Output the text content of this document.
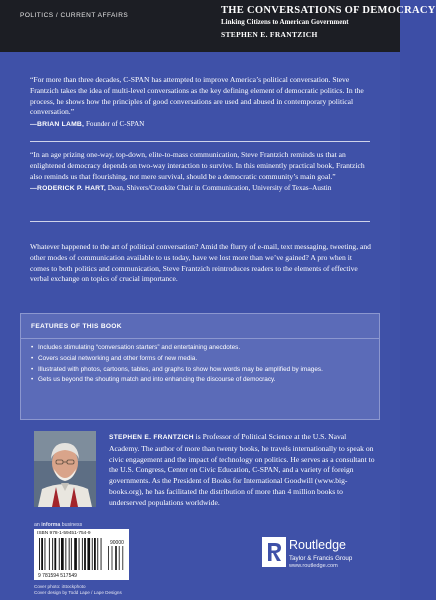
POLITICS / CURRENT AFFAIRS	THE CONVERSATIONS OF DEMOCRACY
Linking Citizens to American Government
STEPHEN E. FRANTZICH

“For more than three decades, C-SPAN has attempted to improve America’s political conversation. Steve Frantzich takes the idea of multi-level conversations as the key defining element of democratic politics. In the process, he shows how the principles of good conversations are used and abused in contemporary political conversation.”

—BRIAN LAMB, Founder of C-SPAN

“In an age prizing one-way, top-down, elite-to-mass communication, Steve Frantzich reminds us that an enlightened democracy depends on two-way interaction to survive. In this eminently practical book, Frantzich also reminds us that flourishing, not mere survival, should be a democratic community’s main goal.”

—RODERICK P. HART, Dean, Shivers/Cronkite Chair in Communication, University of Texas–Austin

Whatever happened to the art of political conversation? Amid the flurry of e-mail, text messaging, tweeting, and other modes of communication available to us today, have we lost more than we’ve gained? A pro when it comes to both politics and communication, Steve Frantzich reintroduces readers to the elements of effective verbal exchange on topics of crucial importance.

FEATURES OF THIS BOOK
• Includes stimulating “conversation starters” and entertaining anecdotes.
• Covers social networking and other forms of new media.
• Illustrated with photos, cartoons, tables, and graphs to show how words may be amplified by images.
• Gets us beyond the shouting match and into enhancing the discourse of democracy.

STEPHEN E. FRANTZICH is Professor of Political Science at the U.S. Naval Academy. The author of more than twenty books, he travels internationally to speak on civic engagement and the impact of technology on politics. He serves as a consultant to the U.S. Congress, Center on Civic Education, C-SPAN, and a variety of foreign governments. As the President of Books for International Goodwill (www.big-books.org), he has facilitated the distribution of more than 4 million books to underserved populations worldwide.

an informa business
ISBN 978-1-59451-754-9
9 781594 517549
90000
Cover photo: iStockphoto
Cover design by Todd Lape / Lape Designs
Routledge
Taylor & Francis Group
www.routledge.com
